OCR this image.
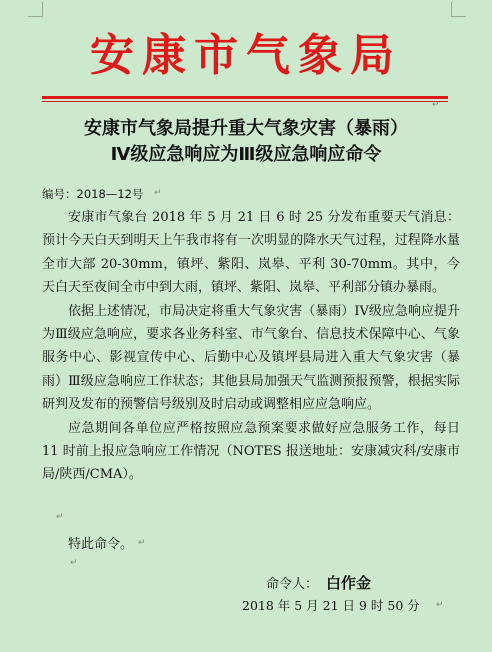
安康市气象局
安康市气象局提升重大气象灾害（暴雨）
Ⅳ级应急响应为Ⅲ级应急响应命令
编号：2018—12号

安康市气象台 2018 年 5 月 21 日 6 时 25 分发布重要天气消息：预计今天白天到明天上午我市将有一次明显的降水天气过程，过程降水量全市大部 20-30mm，镇坪、紫阳、岚皋、平利 30-70mm。其中，今天白天至夜间全市中到大雨，镇坪、紫阳、岚皋、平利部分镇办暴雨。

依据上述情况，市局决定将重大气象灾害（暴雨）IV级应急响应提升为Ⅲ级应急响应，要求各业务科室、市气象台、信息技术保障中心、气象服务中心、影视宣传中心、后勤中心及镇坪县局进入重大气象灾害（暴雨）Ⅲ级应急响应工作状态；其他县局加强天气监测预报预警，根据实际研判及发布的预警信号级别及时启动或调整相应应急响应。

应急期间各单位应严格按照应急预案要求做好应急服务工作，每日 11 时前上报应急响应工作情况（NOTES 报送地址：安康减灾科/安康市局/陕西/CMA）。

特此命令。
命令人： 白作金
2018 年 5 月 21 日 9 时 50 分
↵
↵
↵
↵
↵
↵
